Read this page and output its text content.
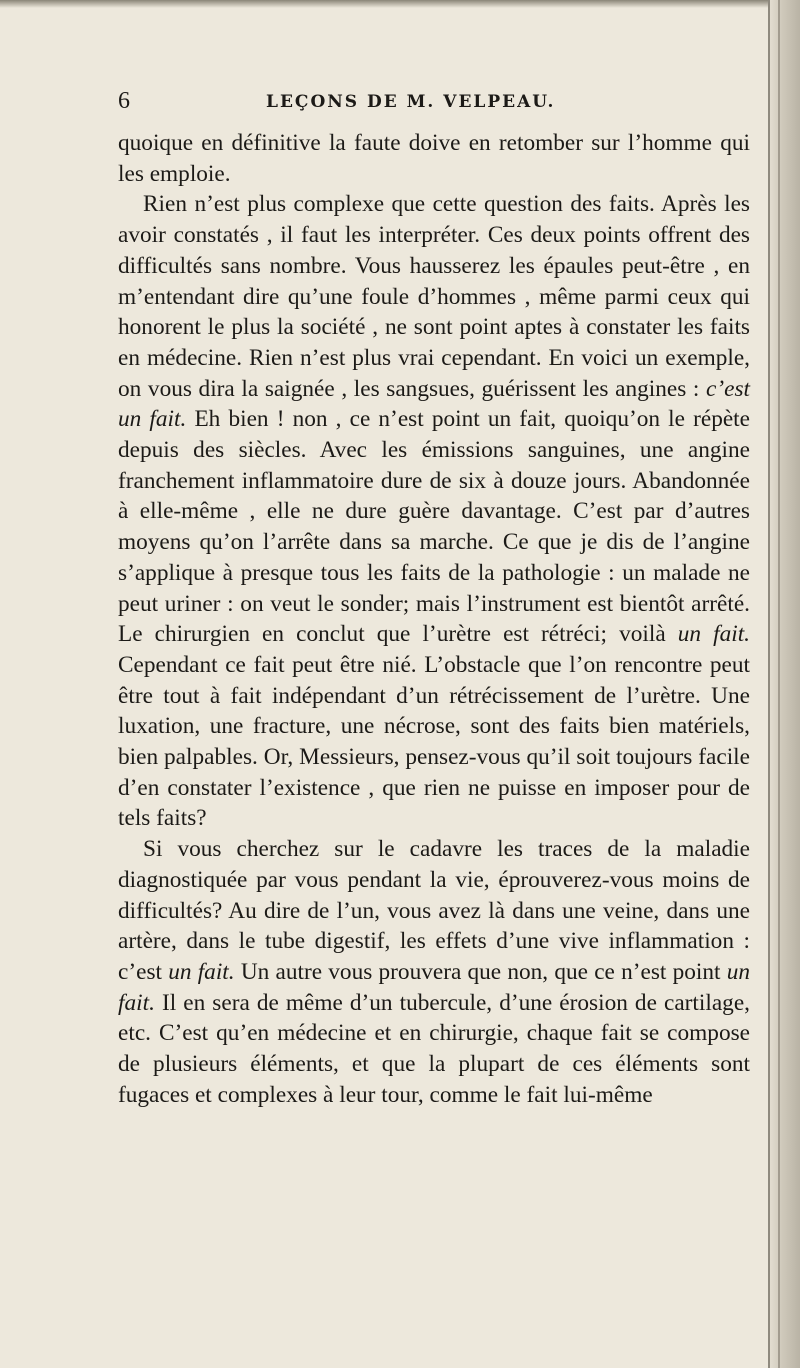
6	LEÇONS DE M. VELPEAU.

quoique en définitive la faute doive en retomber sur l’homme qui les emploie.

Rien n’est plus complexe que cette question des faits. Après les avoir constatés , il faut les interpréter. Ces deux points offrent des difficultés sans nombre. Vous hausserez les épaules peut-être , en m’entendant dire qu’une foule d’hommes , même parmi ceux qui honorent le plus la société , ne sont point aptes à constater les faits en médecine. Rien n’est plus vrai cependant. En voici un exemple, on vous dira la saignée , les sangsues, guérissent les angines : c’est un fait. Eh bien ! non , ce n’est point un fait, quoiqu’on le répète depuis des siècles. Avec les émissions sanguines, une angine franchement inflammatoire dure de six à douze jours. Abandonnée à elle-même , elle ne dure guère davantage. C’est par d’autres moyens qu’on l’arrête dans sa marche. Ce que je dis de l’angine s’applique à presque tous les faits de la pathologie : un malade ne peut uriner : on veut le sonder; mais l’instrument est bientôt arrêté. Le chirurgien en conclut que l’urètre est rétréci; voilà un fait. Cependant ce fait peut être nié. L’obstacle que l’on rencontre peut être tout à fait indépendant d’un rétrécissement de l’urètre. Une luxation, une fracture, une nécrose, sont des faits bien matériels, bien palpables. Or, Messieurs, pensez-vous qu’il soit toujours facile d’en constater l’existence , que rien ne puisse en imposer pour de tels faits?

Si vous cherchez sur le cadavre les traces de la maladie diagnostiquée par vous pendant la vie, éprouverez-vous moins de difficultés? Au dire de l’un, vous avez là dans une veine, dans une artère, dans le tube digestif, les effets d’une vive inflammation : c’est un fait. Un autre vous prouvera que non, que ce n’est point un fait. Il en sera de même d’un tubercule, d’une érosion de cartilage, etc. C’est qu’en médecine et en chirurgie, chaque fait se compose de plusieurs éléments, et que la plupart de ces éléments sont fugaces et complexes à leur tour, comme le fait lui-même
